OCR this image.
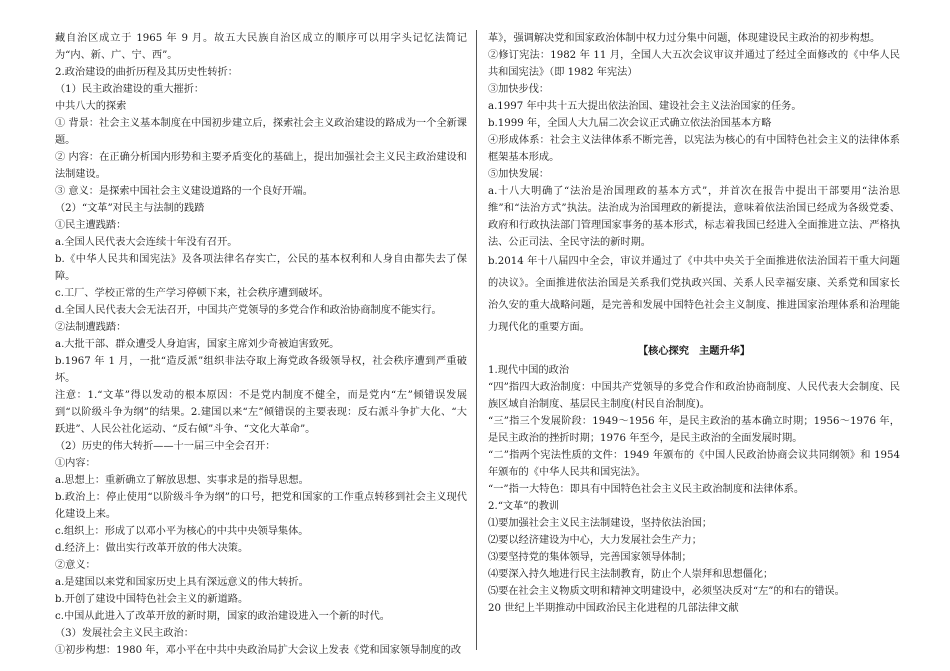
藏自治区成立于 1965 年 9 月。故五大民族自治区成立的顺序可以用字头记忆法简记为“内、新、广、宁、西”。

2.政治建设的曲折历程及其历史性转折：

（1）民主政治建设的重大摧折：

中共八大的探索

① 背景：社会主义基本制度在中国初步建立后，探索社会主义政治建设的路成为一个全新课题。

② 内容：在正确分析国内形势和主要矛盾变化的基础上，提出加强社会主义民主政治建设和法制建设。

③ 意义：是探索中国社会主义建设道路的一个良好开端。

（2）“文革”对民主与法制的践踏

①民主遭践踏：

a.全国人民代表大会连续十年没有召开。

b.《中华人民共和国宪法》及各项法律名存实亡，公民的基本权利和人身自由都失去了保障。

c.工厂、学校正常的生产学习停顿下来，社会秩序遭到破坏。

d.全国人民代表大会无法召开，中国共产党领导的多党合作和政治协商制度不能实行。

②法制遭践踏：

a.大批干部、群众遭受人身迫害，国家主席刘少奇被迫害致死。

b.1967 年 1 月，一批“造反派”组织非法夺取上海党政各级领导权，社会秩序遭到严重破坏。

注意：1.“文革”得以发动的根本原因：不是党内制度不健全，而是党内“左”倾错误发展到“以阶级斗争为纲”的结果。2.建国以来“左”倾错误的主要表现：反右派斗争扩大化、“大跃进”、人民公社化运动、“反右倾”斗争、“文化大革命”。

（2）历史的伟大转折——十一届三中全会召开：

①内容：

a.思想上：重新确立了解放思想、实事求是的指导思想。

b.政治上：停止使用“以阶级斗争为纲”的口号，把党和国家的工作重点转移到社会主义现代化建设上来。

c.组织上：形成了以邓小平为核心的中共中央领导集体。

d.经济上：做出实行改革开放的伟大决策。

②意义：

a.是建国以来党和国家历史上具有深远意义的伟大转折。

b.开创了建设中国特色社会主义的新道路。

c.中国从此进入了改革开放的新时期，国家的政治建设进入一个新的时代。

（3）发展社会主义民主政治：

①初步构想：1980 年，邓小平在中共中央政治局扩大会议上发表《党和国家领导制度的改

革》，强调解决党和国家政治体制中权力过分集中问题，体现建设民主政治的初步构想。

②修订宪法：1982 年 11 月，全国人大五次会议审议并通过了经过全面修改的《中华人民共和国宪法》（即 1982 年宪法）

③加快步伐：

a.1997 年中共十五大提出依法治国、建设社会主义法治国家的任务。

b.1999 年，全国人大九届二次会议正式确立依法治国基本方略

④形成体系：社会主义法律体系不断完善，以宪法为核心的有中国特色社会主义的法律体系框架基本形成。

⑤加快发展：

a.十八大明确了“法治是治国理政的基本方式”，并首次在报告中提出干部要用“法治思维”和“法治方式”执法。法治成为治国理政的新提法，意味着依法治国已经成为各级党委、政府和行政执法部门管理国家事务的基本形式，标志着我国已经进入全面推进立法、严格执法、公正司法、全民守法的新时期。

b.2014 年十八届四中全会，审议并通过了《中共中央关于全面推进依法治国若干重大问题的决议》。全面推进依法治国是关系我们党执政兴国、关系人民幸福安康、关系党和国家长治久安的重大战略问题，是完善和发展中国特色社会主义制度、推进国家治理体系和治理能力现代化的重要方面。

【核心探究　主题升华】

1.现代中国的政治

“四”指四大政治制度：中国共产党领导的多党合作和政治协商制度、人民代表大会制度、民族区域自治制度、基层民主制度(村民自治制度)。

“三”指三个发展阶段：1949～1956 年，是民主政治的基本确立时期；1956～1976 年，是民主政治的挫折时期；1976 年至今，是民主政治的全面发展时期。

“二”指两个宪法性质的文件：1949 年颁布的《中国人民政治协商会议共同纲领》和 1954 年颁布的《中华人民共和国宪法》。

“一”指一大特色：即具有中国特色社会主义民主政治制度和法律体系。

2.“文革”的教训

⑴要加强社会主义民主法制建设，坚持依法治国；

⑵要以经济建设为中心，大力发展社会生产力；

⑶要坚持党的集体领导，完善国家领导体制；

⑷要深入持久地进行民主法制教育，防止个人崇拜和思想僵化；

⑸要在社会主义物质文明和精神文明建设中，必须坚决反对“左”的和右的错误。

20 世纪上半期推动中国政治民主化进程的几部法律文献
